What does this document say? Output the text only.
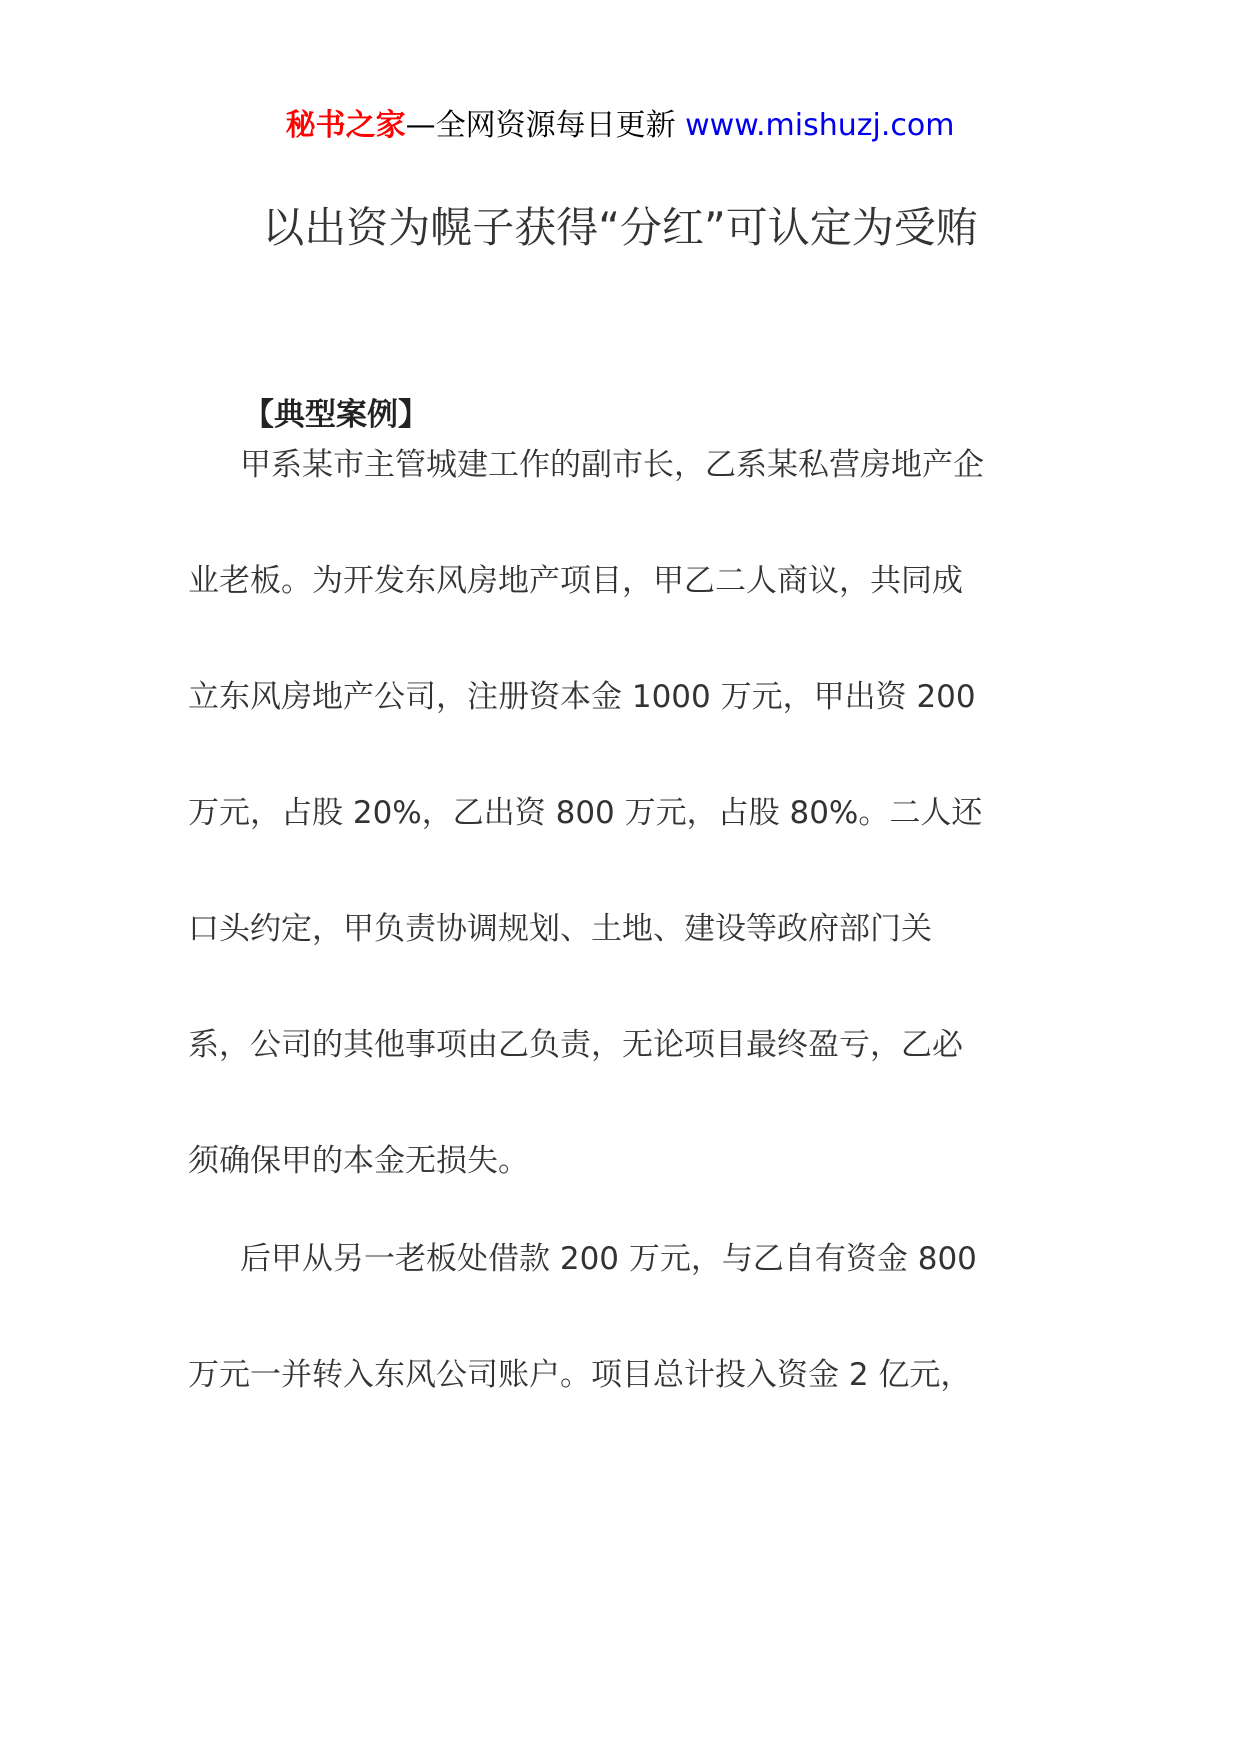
秘书之家—全网资源每日更新 www.mishuzj.com
以出资为幌子获得“分红”可认定为受贿
【典型案例】
甲系某市主管城建工作的副市长，乙系某私营房地产企
业老板。为开发东风房地产项目，甲乙二人商议，共同成
立东风房地产公司，注册资本金 1000 万元，甲出资 200
万元，占股 20%，乙出资 800 万元，占股 80%。二人还
口头约定，甲负责协调规划、土地、建设等政府部门关
系，公司的其他事项由乙负责，无论项目最终盈亏，乙必
须确保甲的本金无损失。
后甲从另一老板处借款 200 万元，与乙自有资金 800
万元一并转入东风公司账户。项目总计投入资金 2 亿元，
